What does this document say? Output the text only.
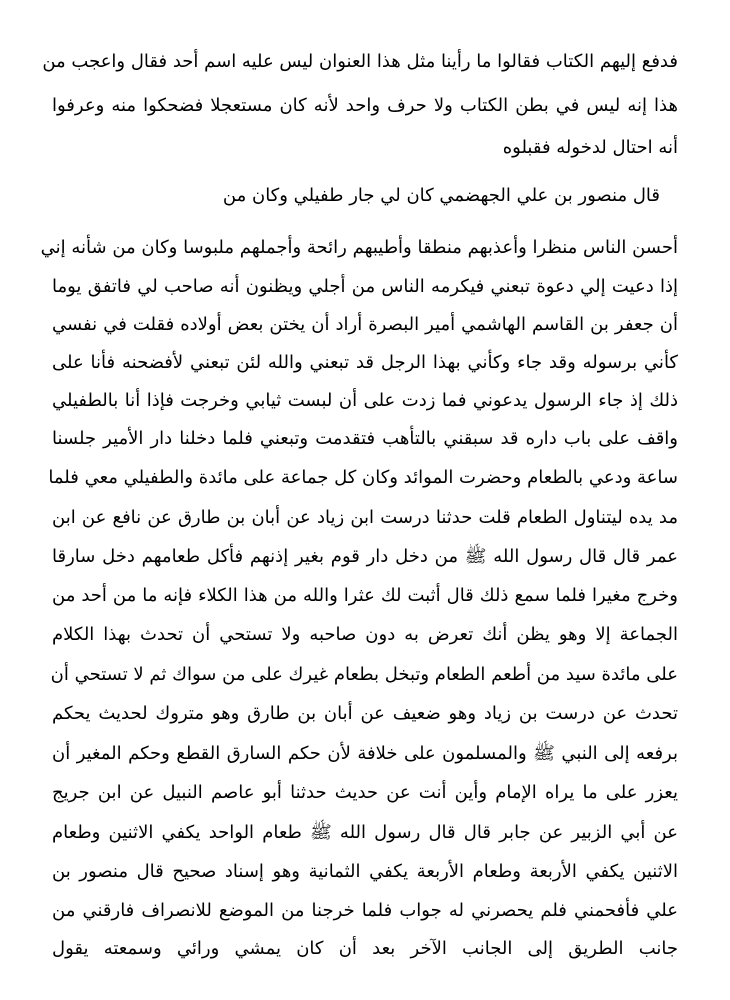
فدفع إليهم الكتاب فقالوا ما رأينا مثل هذا العنوان ليس عليه اسم أحد فقال واعجب من
هذا إنه ليس في بطن الكتاب ولا حرف واحد لأنه كان مستعجلا فضحكوا منه وعرفوا
أنه احتال لدخوله فقبلوه
قال منصور بن علي الجهضمي كان لي جار طفيلي وكان من
أحسن الناس منظرا وأعذبهم منطقا وأطيبهم رائحة وأجملهم ملبوسا وكان من شأنه إني
إذا دعيت إلي دعوة تبعني فيكرمه الناس من أجلي ويظنون أنه صاحب لي فاتفق يوما
أن جعفر بن القاسم الهاشمي أمير البصرة أراد أن يختن بعض أولاده فقلت في نفسي
كأني برسوله وقد جاء وكأني بهذا الرجل قد تبعني والله لئن تبعني لأفضحنه فأنا على
ذلك إذ جاء الرسول يدعوني فما زدت على أن لبست ثيابي وخرجت فإذا أنا بالطفيلي
واقف على باب داره قد سبقني بالتأهب فتقدمت وتبعني فلما دخلنا دار الأمير جلسنا
ساعة ودعي بالطعام وحضرت الموائد وكان كل جماعة على مائدة والطفيلي معي فلما
مد يده ليتناول الطعام قلت حدثنا درست ابن زياد عن أبان بن طارق عن نافع عن ابن
عمر قال قال رسول الله ﷺ من دخل دار قوم بغير إذنهم فأكل طعامهم دخل سارقا
وخرج مغيرا فلما سمع ذلك قال أثبت لك عثرا والله من هذا الكلاء فإنه ما من أحد من
الجماعة إلا وهو يظن أنك تعرض به دون صاحبه ولا تستحي أن تحدث بهذا الكلام
على مائدة سيد من أطعم الطعام وتبخل بطعام غيرك على من سواك ثم لا تستحي أن
تحدث عن درست بن زياد وهو ضعيف عن أبان بن طارق وهو متروك لحديث يحكم
برفعه إلى النبي ﷺ والمسلمون على خلافة لأن حكم السارق القطع وحكم المغير أن
يعزر على ما يراه الإمام وأين أنت عن حديث حدثنا أبو عاصم النبيل عن ابن جريج
عن أبي الزبير عن جابر قال قال رسول الله ﷺ طعام الواحد يكفي الاثنين وطعام
الاثنين يكفي الأربعة وطعام الأربعة يكفي الثمانية وهو إسناد صحيح قال منصور بن
علي فأفحمني فلم يحصرني له جواب فلما خرجنا من الموضع للانصراف فارقني من
جانب الطريق إلى الجانب الآخر بعد أن كان يمشي ورائي وسمعته يقول
